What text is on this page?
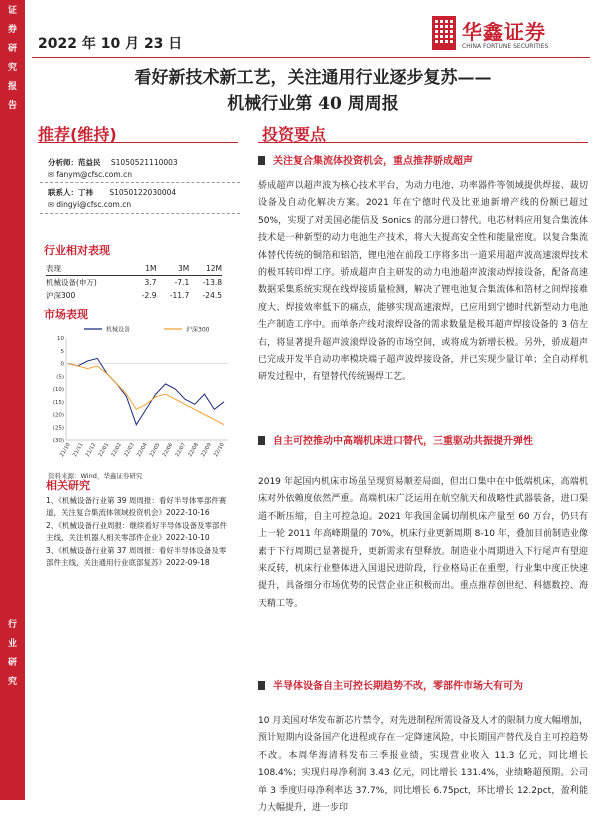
证
券
研
究
报
告
行
业
研
究
2022 年 10 月 23 日	华鑫证券
CHINA FORTUNE SECURITIES
看好新技术新工艺，关注通用行业逐步复苏——
机械行业第 40 周周报
推荐(维持)	投资要点
分析师：范益民 S1050521110003
✉ fanym@cfsc.com.cn
联系人：丁祎 S1050122030004
✉ dingyi@cfsc.com.cn
行业相对表现
表现	1M	3M	12M
机械设备(申万)	3.7	-7.1	-13.8
沪深300	-2.9	-11.7	-24.5
市场表现
机械设备	沪深300
10
5
0
(5)
(10)
(15)
(20)
(25)
(30)
21/10 21/11 21/12 22/01 22/02 22/03 22/04 22/05 22/06 22/07 22/08 22/09 22/10
资料来源：Wind，华鑫证券研究
相关研究

1、《机械设备行业第 39 周周报：看好半导体零部件赛道，关注复合集流体领域投资机会》2022-10-16

2、《机械设备行业周报：继续看好半导体设备及零部件主线，关注机器人相关零部件企业》2022-10-10

3、《机械设备行业第 37 周周报：看好半导体设备及零部件主线，关注通用行业底部复苏》2022-09-18

关注复合集流体投资机会，重点推荐骄成超声
骄成超声以超声波为核心技术平台，为动力电池、功率器件等领域提供焊接、裁切设备及自动化解决方案。2021 年在宁德时代及比亚迪新增产线的份额已超过 50%，实现了对美国必能信及 Sonics 的部分进口替代。电芯材料应用复合集流体技术是一种新型的动力电池生产技术，将大大提高安全性和能量密度。以复合集流体替代传统的铜箔和铝箔，锂电池在前段工序将多出一道采用超声波高速滚焊技术的极耳转印焊工序。骄成超声自主研发的动力电池超声波滚动焊接设备，配备高速数据采集系统实现在线焊接质量检测，解决了锂电池复合集流体和箔材之间焊接难度大、焊接效率低下的痛点，能够实现高速滚焊，已应用到宁德时代新型动力电池生产制造工序中。而单条产线对滚焊设备的需求数量是极耳超声焊接设备的 3 倍左右，将显著提升超声波滚焊设备的市场空间，或将成为新增长极。另外，骄成超声已完成开发半自动功率模块端子超声波焊接设备，并已实现少量订单；全自动样机研发过程中，有望替代传统锡焊工艺。
自主可控推动中高端机床进口替代，三重驱动共振提升弹性
2019 年起国内机床市场虽呈现贸易顺差局面，但出口集中在中低端机床，高端机床对外依赖度依然严重。高端机床广泛运用在航空航天和战略性武器装备，进口渠道不断压缩，自主可控急迫。2021 年我国金属切削机床产量至 60 万台，仍只有上一轮 2011 年高峰期量的 70%，机床行业更新周期 8-10 年，叠加目前制造业像素于下行周期已显著提升，更新需求有望释放。制造业小周期进入下行尾声有望迎来反转，机床行业整体进入国退民进阶段，行业格局正在重塑，行业集中度正快速提升，具备细分市场优势的民营企业正积极而出。重点推荐创世纪、科德数控、海天精工等。
半导体设备自主可控长期趋势不改，零部件市场大有可为
10 月美国对华发布新芯片禁令，对先进制程所需设备及人才的限制力度大幅增加，预计短期内设备国产化进程或存在一定降速风险，中长期国产替代及自主可控趋势不改。本周华海清科发布三季报业绩，实现营业收入 11.3 亿元，同比增长 108.4%；实现归母净利润 3.43 亿元，同比增长 131.4%，业绩略超预期。公司单 3 季度归母净利率达 37.7%，同比增长 6.75pct，环比增长 12.2pct，盈利能力大幅提升，进一步印
